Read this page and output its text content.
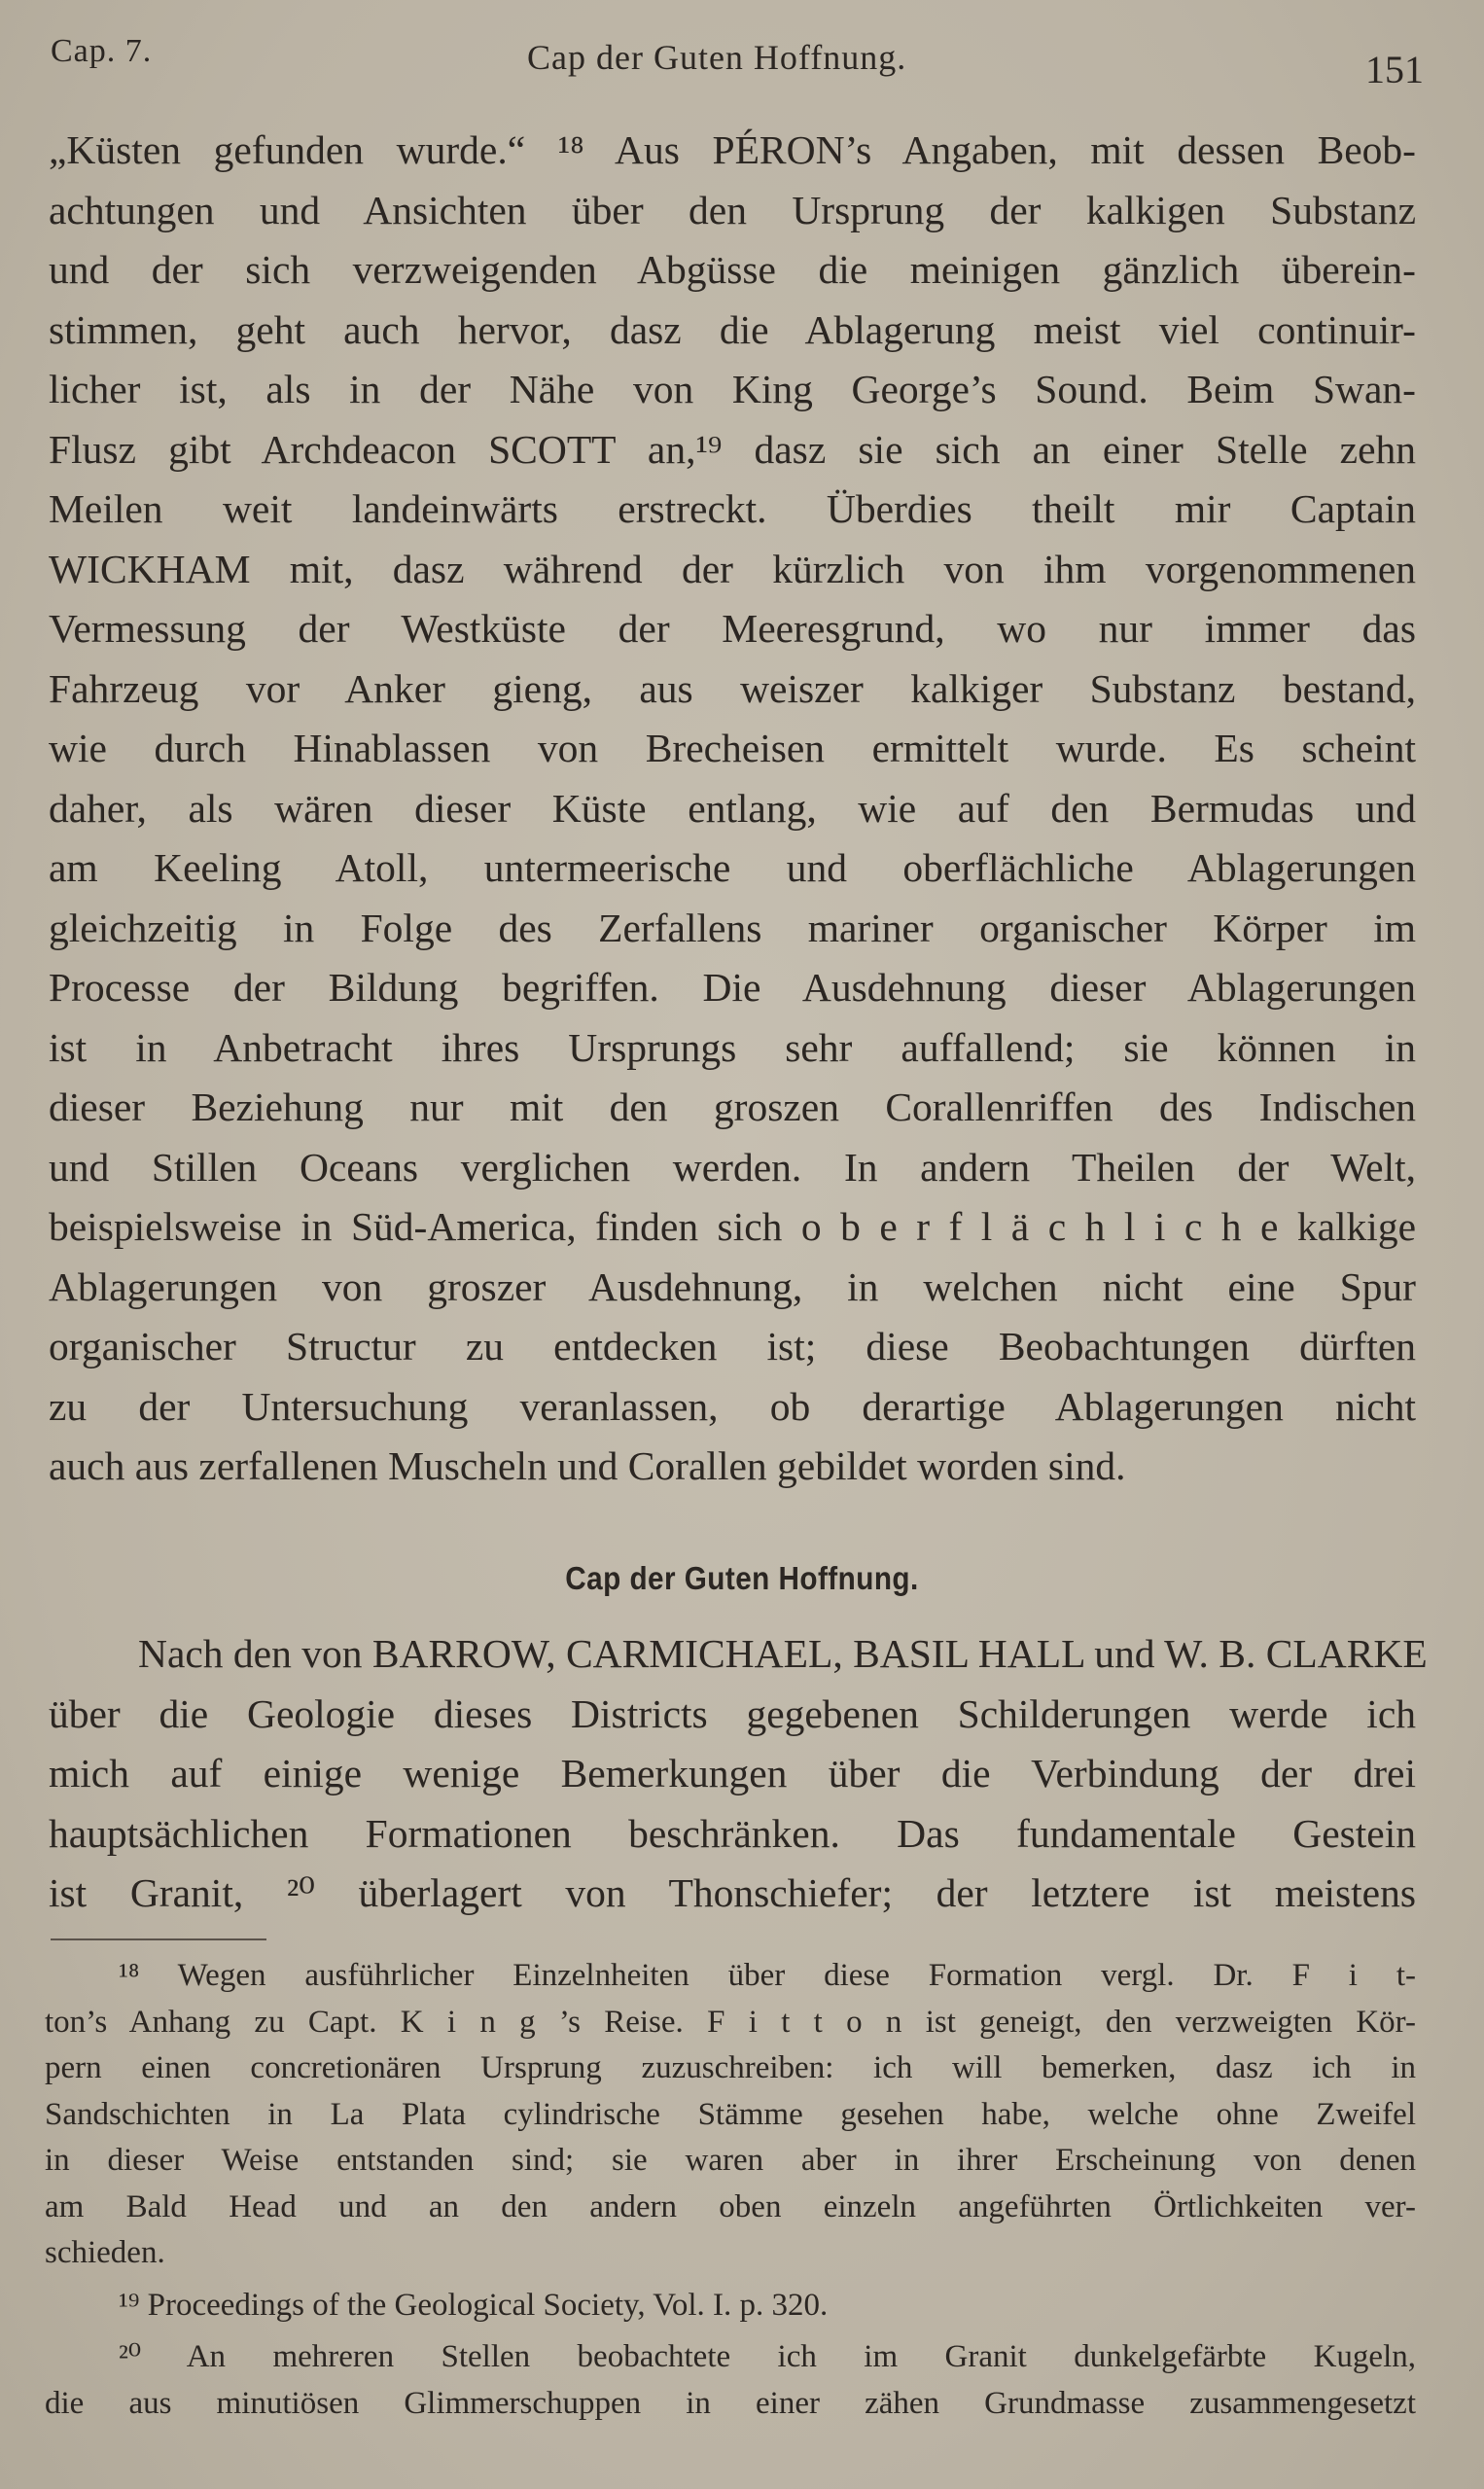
Cap. 7.	Cap der Guten Hoffnung.	151
„Küsten gefunden wurde.“ ¹⁸ Aus PÉRON’s Angaben, mit dessen Beob-
achtungen und Ansichten über den Ursprung der kalkigen Substanz
und der sich verzweigenden Abgüsse die meinigen gänzlich überein-
stimmen, geht auch hervor, dasz die Ablagerung meist viel continuir-
licher ist, als in der Nähe von King George’s Sound. Beim Swan-
Flusz gibt Archdeacon SCOTT an,¹⁹ dasz sie sich an einer Stelle zehn
Meilen weit landeinwärts erstreckt. Überdies theilt mir Captain
WICKHAM mit, dasz während der kürzlich von ihm vorgenommenen
Vermessung der Westküste der Meeresgrund, wo nur immer das
Fahrzeug vor Anker gieng, aus weiszer kalkiger Substanz bestand,
wie durch Hinablassen von Brecheisen ermittelt wurde. Es scheint
daher, als wären dieser Küste entlang, wie auf den Bermudas und
am Keeling Atoll, untermeerische und oberflächliche Ablagerungen
gleichzeitig in Folge des Zerfallens mariner organischer Körper im
Processe der Bildung begriffen. Die Ausdehnung dieser Ablagerungen
ist in Anbetracht ihres Ursprungs sehr auffallend; sie können in
dieser Beziehung nur mit den groszen Corallenriffen des Indischen
und Stillen Oceans verglichen werden. In andern Theilen der Welt,
beispielsweise in Süd-America, finden sich o b e r f l ä c h l i c h e kalkige
Ablagerungen von groszer Ausdehnung, in welchen nicht eine Spur
organischer Structur zu entdecken ist; diese Beobachtungen dürften
zu der Untersuchung veranlassen, ob derartige Ablagerungen nicht
auch aus zerfallenen Muscheln und Corallen gebildet worden sind.
Cap der Guten Hoffnung.
Nach den von BARROW, CARMICHAEL, BASIL HALL und W. B. CLARKE
über die Geologie dieses Districts gegebenen Schilderungen werde ich
mich auf einige wenige Bemerkungen über die Verbindung der drei
hauptsächlichen Formationen beschränken. Das fundamentale Gestein
ist Granit, ²⁰ überlagert von Thonschiefer; der letztere ist meistens
¹⁸ Wegen ausführlicher Einzelnheiten über diese Formation vergl. Dr. F i t-
ton’s Anhang zu Capt. K i n g ’s Reise. F i t t o n ist geneigt, den verzweigten Kör-
pern einen concretionären Ursprung zuzuschreiben: ich will bemerken, dasz ich in
Sandschichten in La Plata cylindrische Stämme gesehen habe, welche ohne Zweifel
in dieser Weise entstanden sind; sie waren aber in ihrer Erscheinung von denen
am Bald Head und an den andern oben einzeln angeführten Örtlichkeiten ver-
schieden.
¹⁹ Proceedings of the Geological Society, Vol. I. p. 320.
²⁰ An mehreren Stellen beobachtete ich im Granit dunkelgefärbte Kugeln,
die aus minutiösen Glimmerschuppen in einer zähen Grundmasse zusammengesetzt
